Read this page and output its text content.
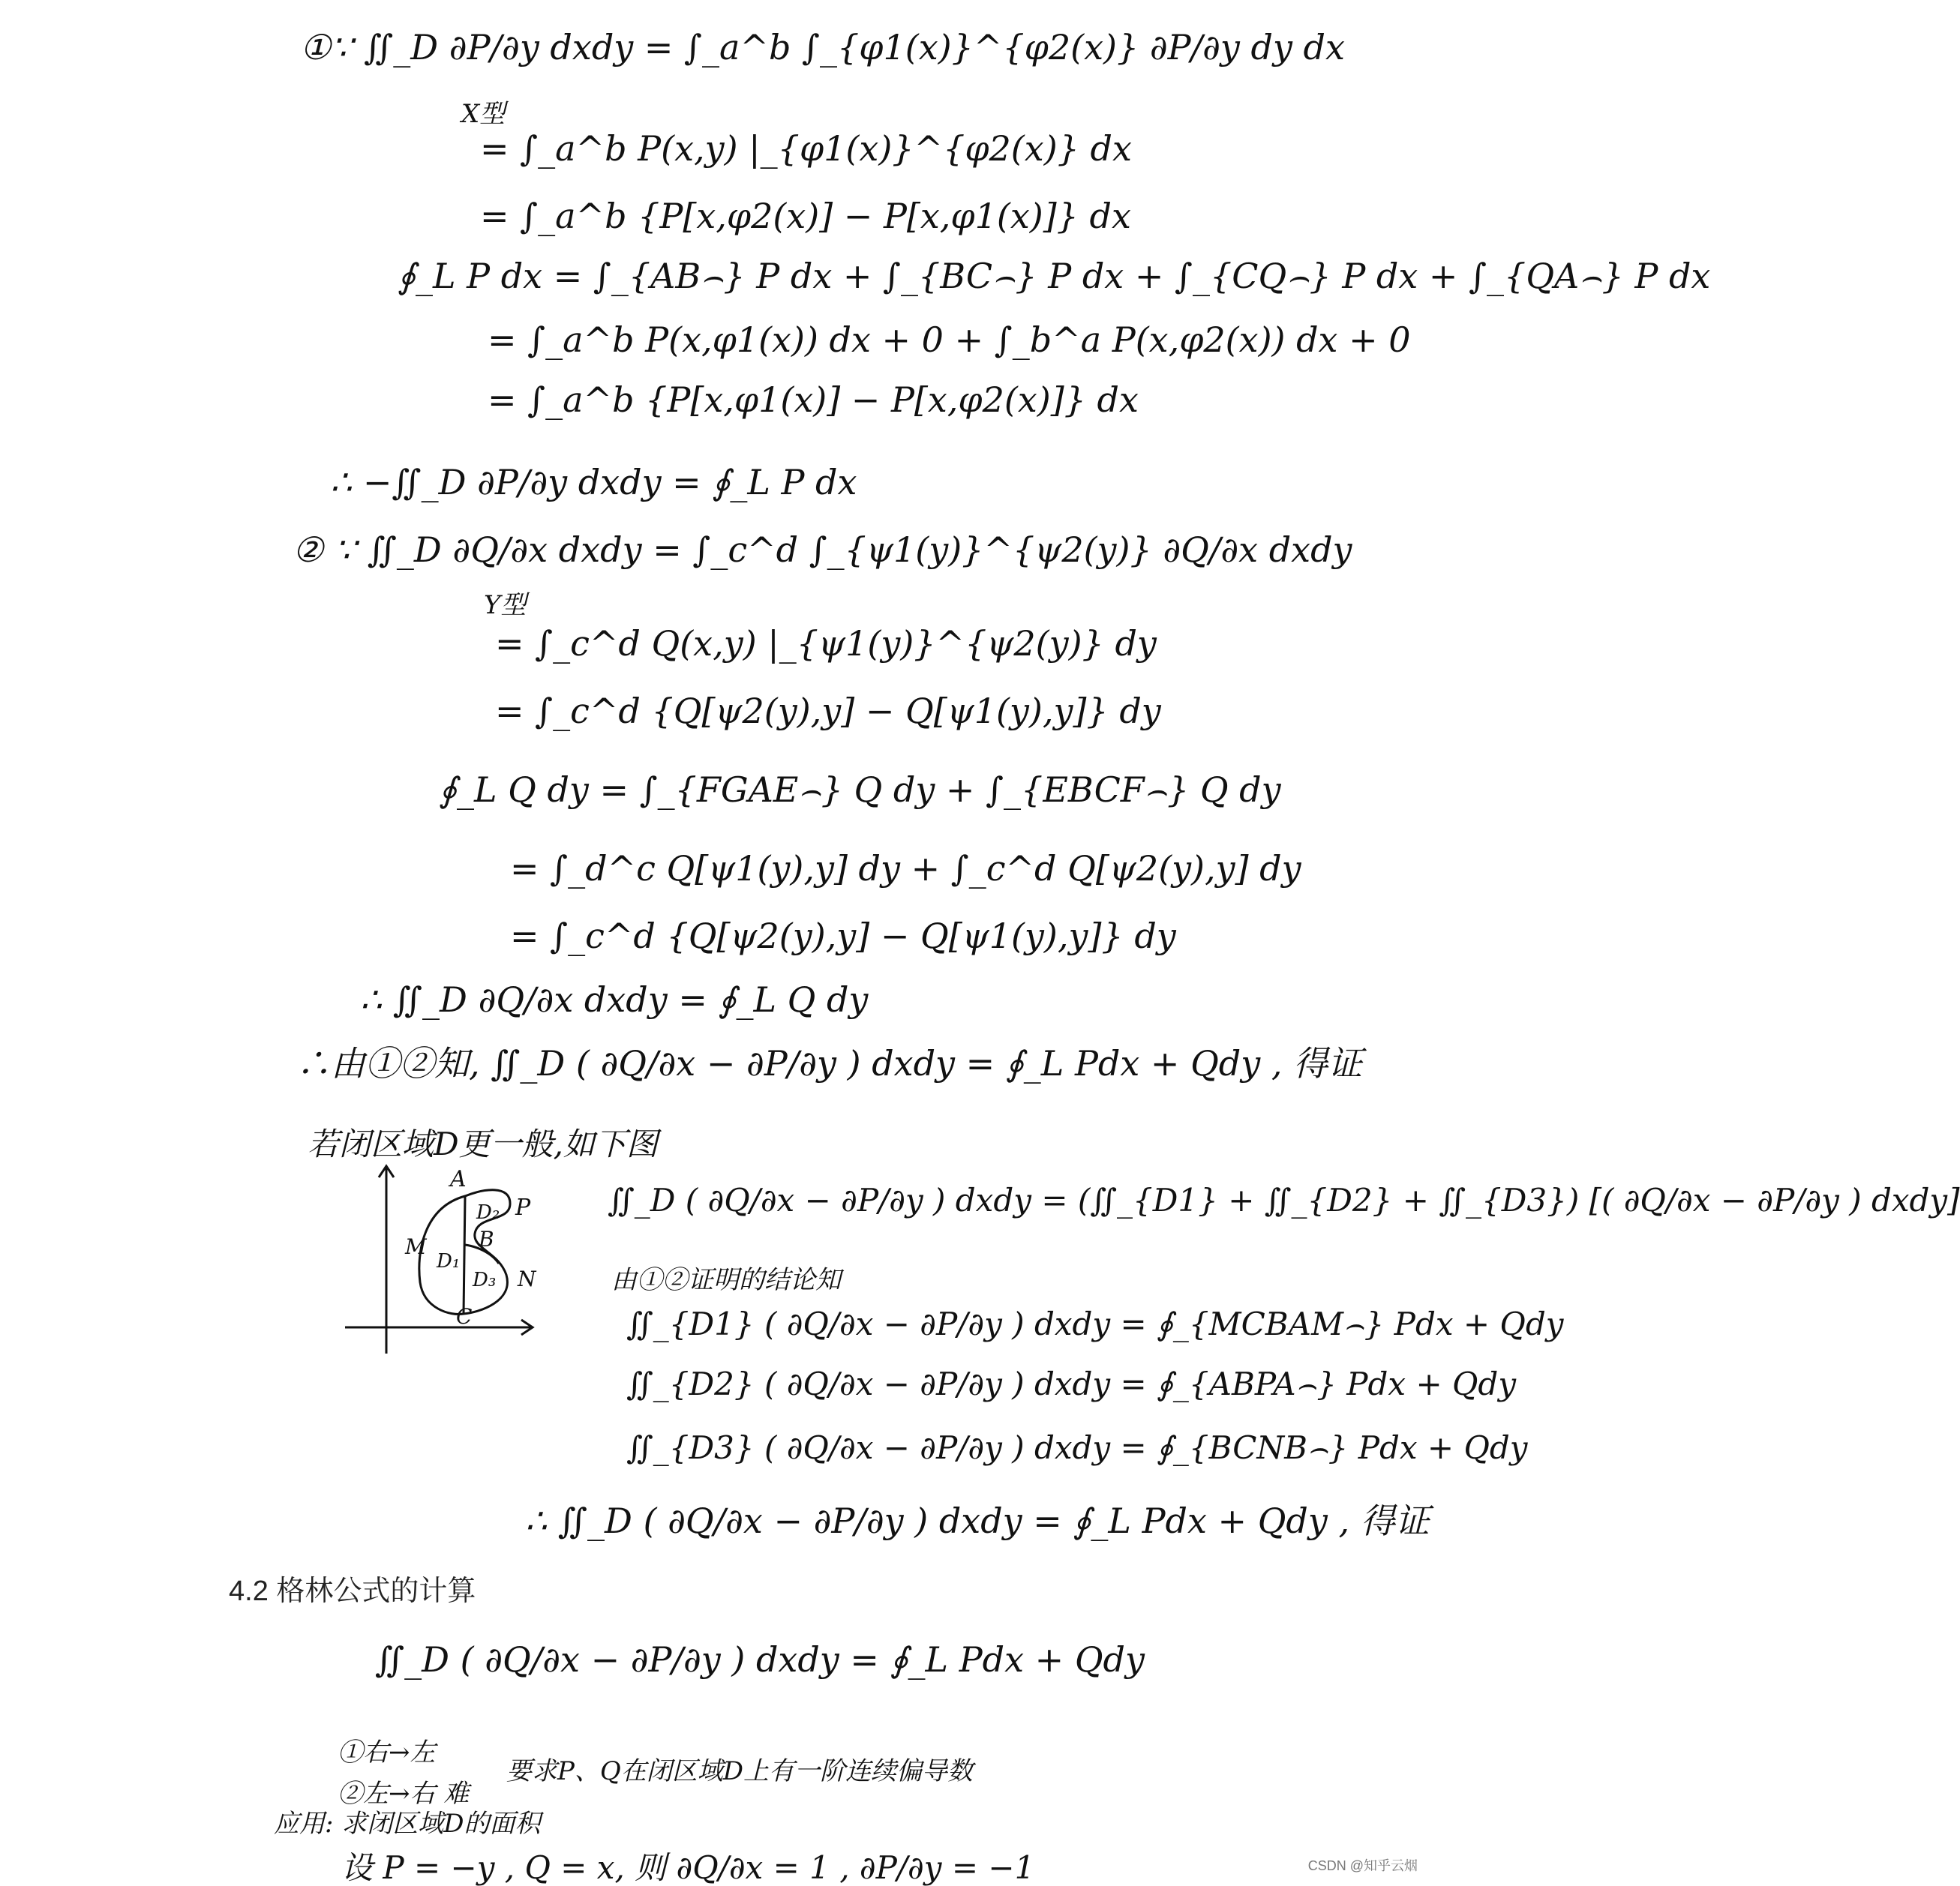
①∵ ∬_D ∂P/∂y dxdy = ∫_a^b ∫_{φ1(x)}^{φ2(x)} ∂P/∂y dy dx
X型
= ∫_a^b P(x,y) |_{φ1(x)}^{φ2(x)} dx
= ∫_a^b {P[x,φ2(x)] − P[x,φ1(x)]} dx
∮_L P dx = ∫_{AB⌢} P dx + ∫_{BC⌢} P dx + ∫_{CQ⌢} P dx + ∫_{QA⌢} P dx
= ∫_a^b P(x,φ1(x)) dx + 0 + ∫_b^a P(x,φ2(x)) dx + 0
= ∫_a^b {P[x,φ1(x)] − P[x,φ2(x)]} dx
∴ −∬_D ∂P/∂y dxdy = ∮_L P dx
② ∵ ∬_D ∂Q/∂x dxdy = ∫_c^d ∫_{ψ1(y)}^{ψ2(y)} ∂Q/∂x dxdy
Y型
= ∫_c^d Q(x,y) |_{ψ1(y)}^{ψ2(y)} dy
= ∫_c^d {Q[ψ2(y),y] − Q[ψ1(y),y]} dy
∮_L Q dy = ∫_{FGAE⌢} Q dy + ∫_{EBCF⌢} Q dy
= ∫_d^c Q[ψ1(y),y] dy + ∫_c^d Q[ψ2(y),y] dy
= ∫_c^d {Q[ψ2(y),y] − Q[ψ1(y),y]} dy
∴ ∬_D ∂Q/∂x dxdy = ∮_L Q dy
∴由①②知, ∬_D ( ∂Q/∂x − ∂P/∂y ) dxdy = ∮_L Pdx + Qdy , 得证
若闭区域D更一般,如下图
A
D₂ P
M
D₁
B
D₃ N
C
∬_D ( ∂Q/∂x − ∂P/∂y ) dxdy = (∬_{D1} + ∬_{D2} + ∬_{D3}) [( ∂Q/∂x − ∂P/∂y ) dxdy]
由①②证明的结论知
∬_{D1} ( ∂Q/∂x − ∂P/∂y ) dxdy = ∮_{MCBAM⌢} Pdx + Qdy
∬_{D2} ( ∂Q/∂x − ∂P/∂y ) dxdy = ∮_{ABPA⌢} Pdx + Qdy
∬_{D3} ( ∂Q/∂x − ∂P/∂y ) dxdy = ∮_{BCNB⌢} Pdx + Qdy
∴ ∬_D ( ∂Q/∂x − ∂P/∂y ) dxdy = ∮_L Pdx + Qdy , 得证
4.2 格林公式的计算
∬_D ( ∂Q/∂x − ∂P/∂y ) dxdy = ∮_L Pdx + Qdy
①右→左
②左→右 难
要求P、Q在闭区域D上有一阶连续偏导数
应用: 求闭区域D的面积
设 P = −y , Q = x, 则 ∂Q/∂x = 1 , ∂P/∂y = −1	CSDN @知乎云烟
